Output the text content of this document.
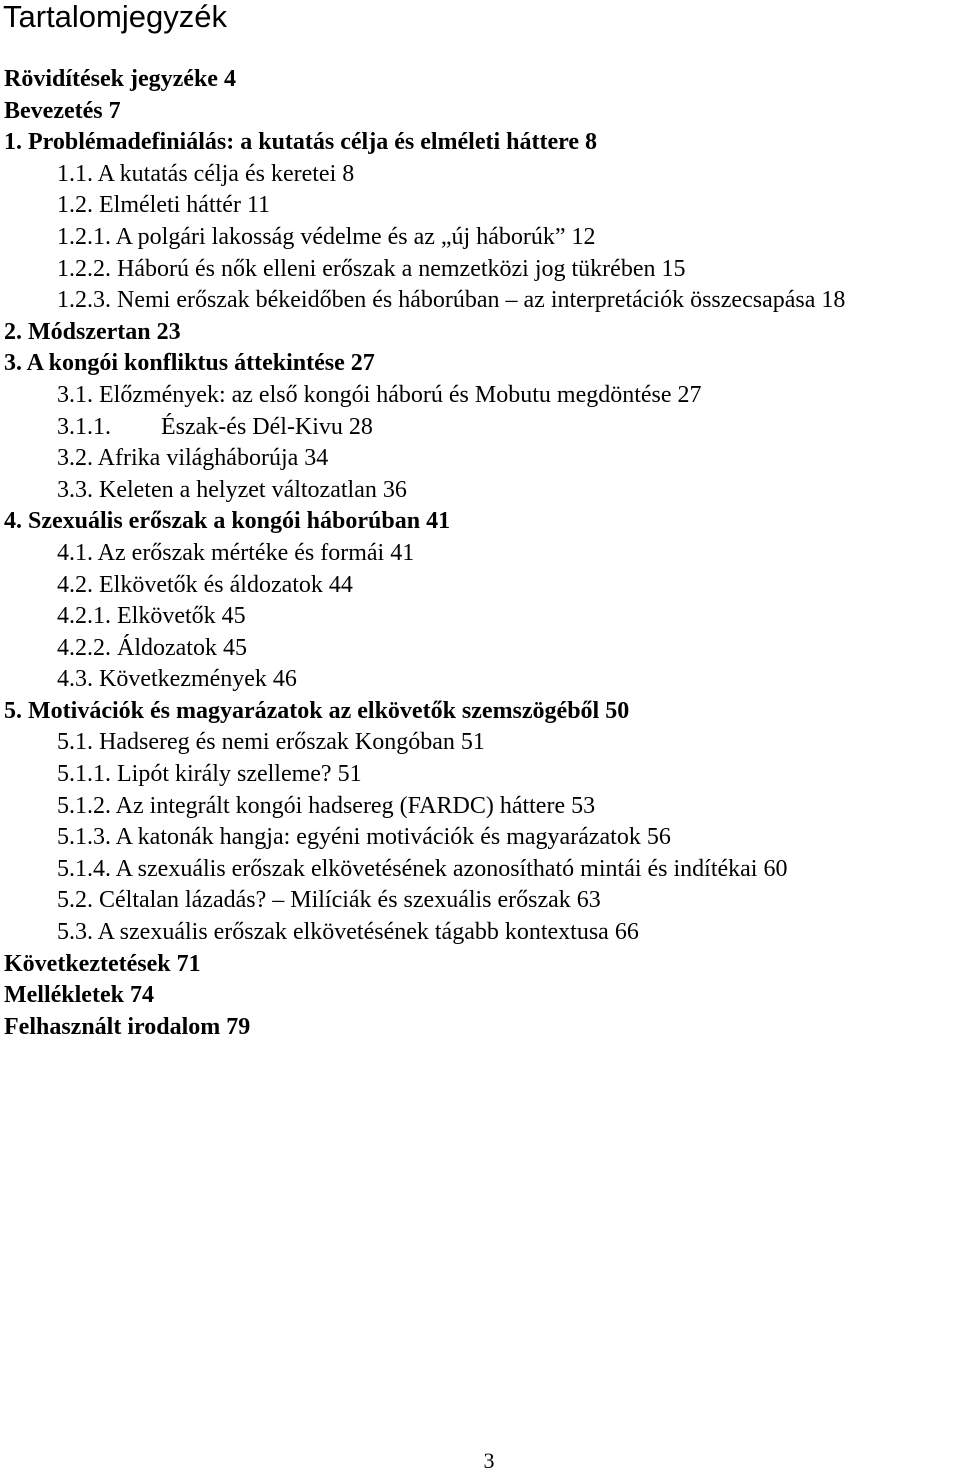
Tartalomjegyzék
Rövidítések jegyzéke 4
Bevezetés 7
1. Problémadefiniálás: a kutatás célja és elméleti háttere 8
1.1. A kutatás célja és keretei 8
1.2. Elméleti háttér 11
1.2.1. A polgári lakosság védelme és az „új háborúk” 12
1.2.2. Háború és nők elleni erőszak a nemzetközi jog tükrében 15
1.2.3. Nemi erőszak békeidőben és háborúban – az interpretációk összecsapása 18
2. Módszertan 23
3. A kongói konfliktus áttekintése 27
3.1. Előzmények: az első kongói háború és Mobutu megdöntése 27
3.1.1. Észak-és Dél-Kivu 28
3.2. Afrika világháborúja 34
3.3. Keleten a helyzet változatlan 36
4. Szexuális erőszak a kongói háborúban 41
4.1. Az erőszak mértéke és formái 41
4.2. Elkövetők és áldozatok 44
4.2.1. Elkövetők 45
4.2.2. Áldozatok 45
4.3. Következmények 46
5. Motivációk és magyarázatok az elkövetők szemszögéből 50
5.1. Hadsereg és nemi erőszak Kongóban 51
5.1.1. Lipót király szelleme? 51
5.1.2. Az integrált kongói hadsereg (FARDC) háttere 53
5.1.3. A katonák hangja: egyéni motivációk és magyarázatok 56
5.1.4. A szexuális erőszak elkövetésének azonosítható mintái és indítékai 60
5.2. Céltalan lázadás? – Milíciák és szexuális erőszak 63
5.3. A szexuális erőszak elkövetésének tágabb kontextusa 66
Következtetések 71
Mellékletek 74
Felhasznált irodalom 79

3
